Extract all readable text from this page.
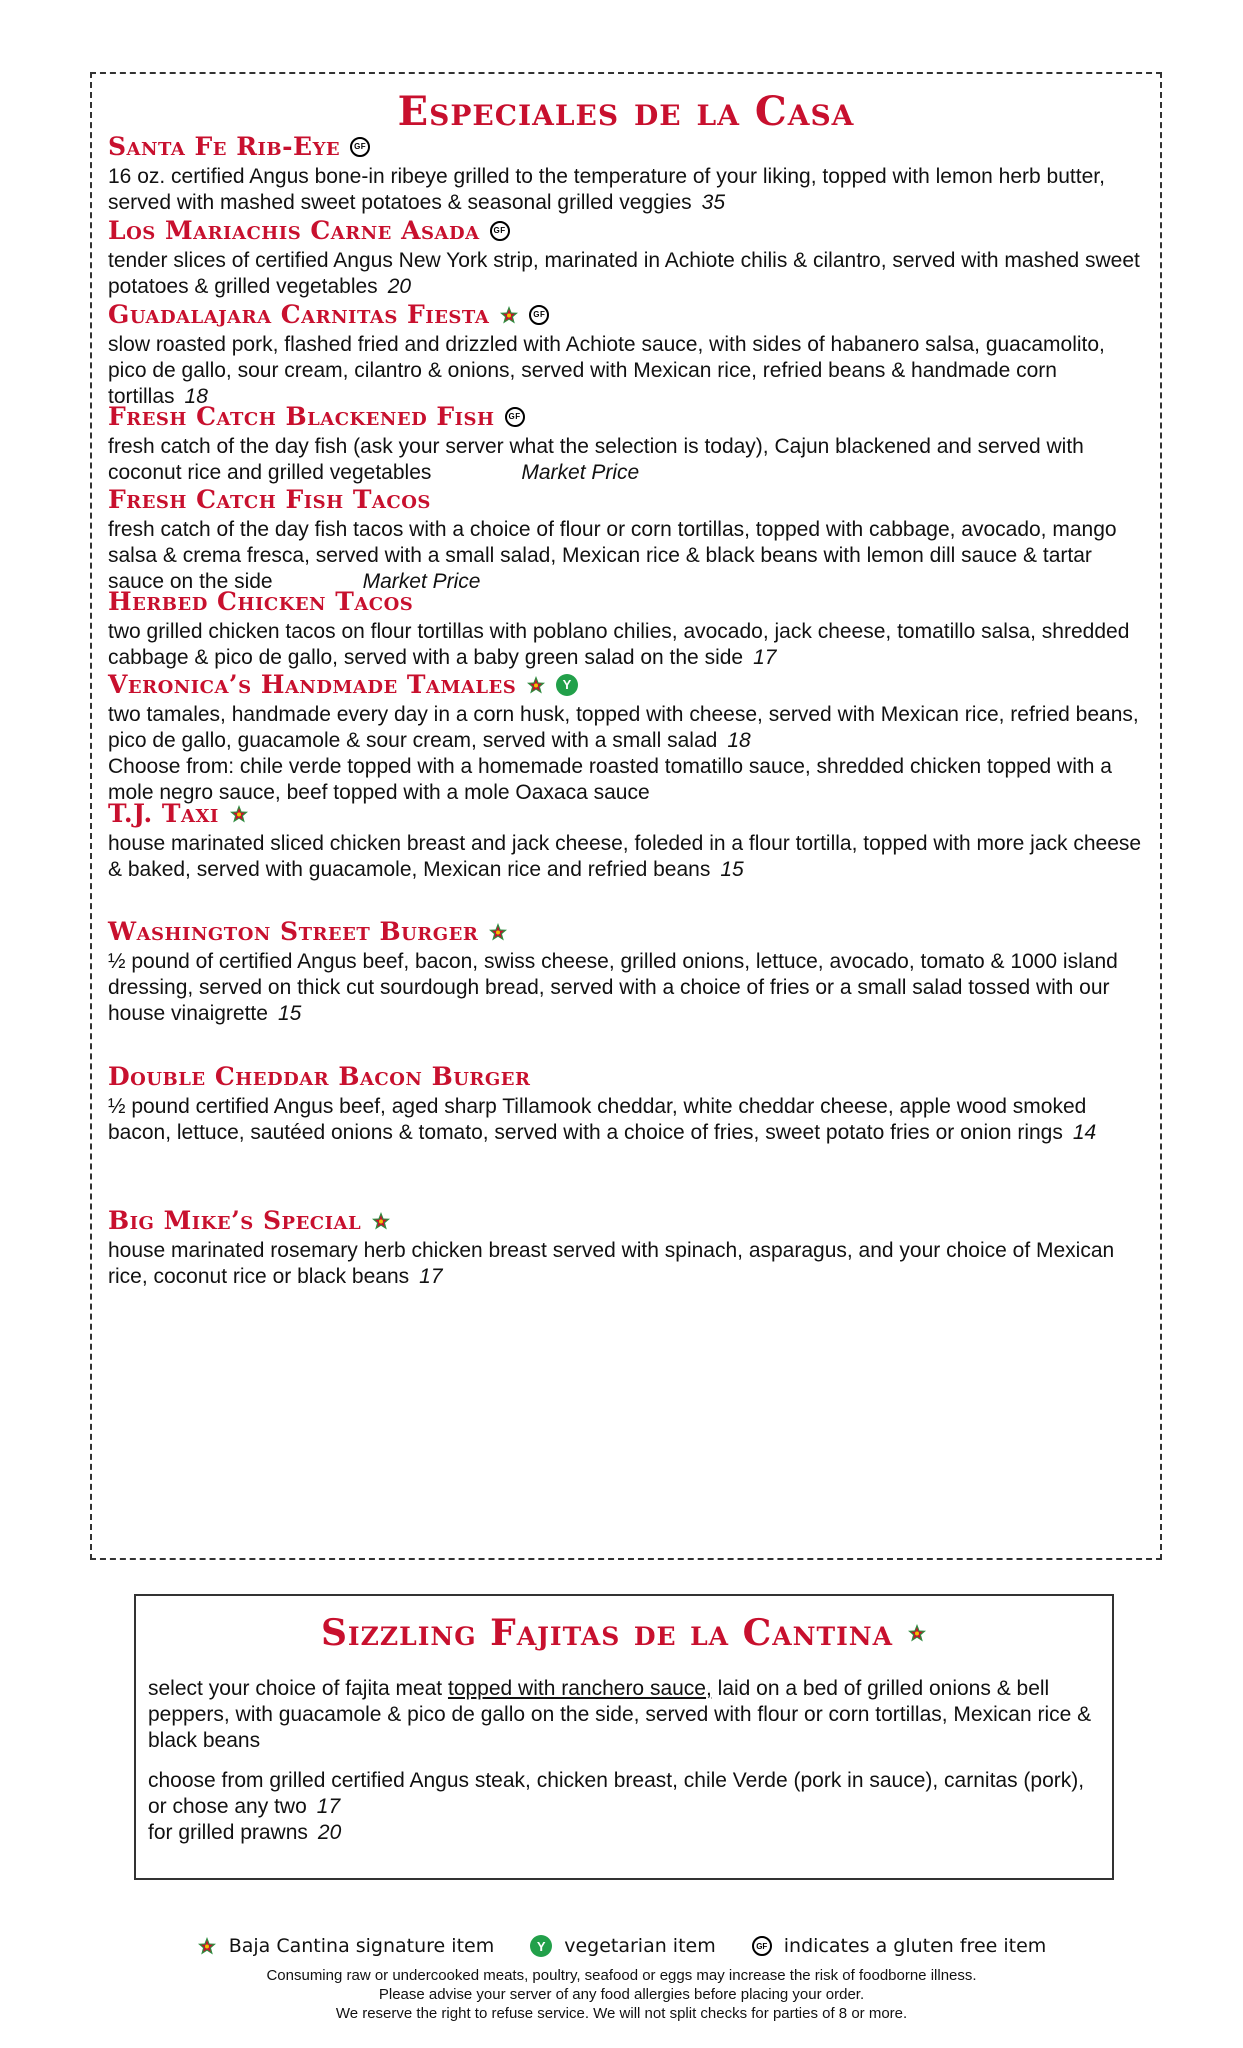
Especiales de la Casa
Santa Fe Rib-Eye	GF
16 oz. certified Angus bone-in ribeye grilled to the temperature of your liking, topped with lemon herb butter, served with mashed sweet potatoes & seasonal grilled veggies 35
Los Mariachis Carne Asada	GF
tender slices of certified Angus New York strip, marinated in Achiote chilis & cilantro, served with mashed sweet potatoes & grilled vegetables 20
Guadalajara Carnitas Fiesta	GF
slow roasted pork, flashed fried and drizzled with Achiote sauce, with sides of habanero salsa, guacamolito, pico de gallo, sour cream, cilantro & onions, served with Mexican rice, refried beans & handmade corn tortillas 18
Fresh Catch Blackened Fish	GF
fresh catch of the day fish (ask your server what the selection is today), Cajun blackened and served with coconut rice and grilled vegetables	Market Price
Fresh Catch Fish Tacos
fresh catch of the day fish tacos with a choice of flour or corn tortillas, topped with cabbage, avocado, mango salsa & crema fresca, served with a small salad, Mexican rice & black beans with lemon dill sauce & tartar sauce on the side	Market Price
Herbed Chicken Tacos
two grilled chicken tacos on flour tortillas with poblano chilies, avocado, jack cheese, tomatillo salsa, shredded cabbage & pico de gallo, served with a baby green salad on the side 17
Veronica’s Handmade Tamales	Y
two tamales, handmade every day in a corn husk, topped with cheese, served with Mexican rice, refried beans, pico de gallo, guacamole & sour cream, served with a small salad 18
Choose from: chile verde topped with a homemade roasted tomatillo sauce, shredded chicken topped with a mole negro sauce, beef topped with a mole Oaxaca sauce
T.J. Taxi
house marinated sliced chicken breast and jack cheese, foleded in a flour tortilla, topped with more jack cheese & baked, served with guacamole, Mexican rice and refried beans 15
Washington Street Burger
½ pound of certified Angus beef, bacon, swiss cheese, grilled onions, lettuce, avocado, tomato & 1000 island dressing, served on thick cut sourdough bread, served with a choice of fries or a small salad tossed with our house vinaigrette 15
Double Cheddar Bacon Burger
½ pound certified Angus beef, aged sharp Tillamook cheddar, white cheddar cheese, apple wood smoked bacon, lettuce, sautéed onions & tomato, served with a choice of fries, sweet potato fries or onion rings 14
Big Mike’s Special
house marinated rosemary herb chicken breast served with spinach, asparagus, and your choice of Mexican rice, coconut rice or black beans 17
Sizzling Fajitas de la Cantina
select your choice of fajita meat topped with ranchero sauce, laid on a bed of grilled onions & bell peppers, with guacamole & pico de gallo on the side, served with flour or corn tortillas, Mexican rice & black beans
choose from grilled certified Angus steak, chicken breast, chile Verde (pork in sauce), carnitas (pork), or chose any two 17
for grilled prawns 20
Baja Cantina signature item	Y vegetarian item	GF indicates a gluten free item
Consuming raw or undercooked meats, poultry, seafood or eggs may increase the risk of foodborne illness.
Please advise your server of any food allergies before placing your order.
We reserve the right to refuse service. We will not split checks for parties of 8 or more.
